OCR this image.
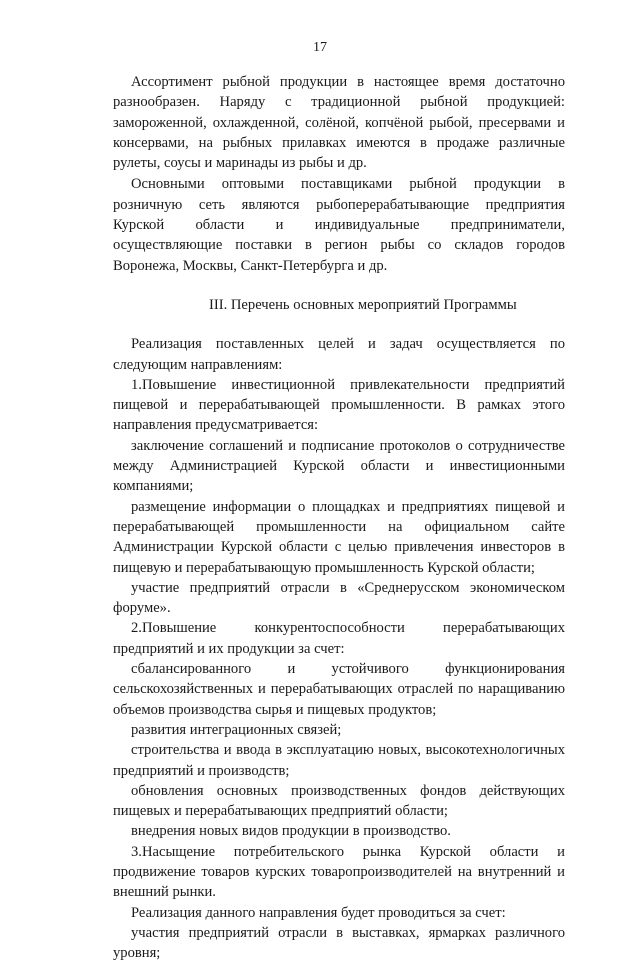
17

Ассортимент рыбной продукции в настоящее время достаточно разнообразен. Наряду с традиционной рыбной продукцией: замороженной, охлажденной, солёной, копчёной рыбой, пресервами и консервами, на рыбных прилавках имеются в продаже различные рулеты, соусы и маринады из рыбы и др.

Основными оптовыми поставщиками рыбной продукции в розничную сеть являются рыбоперерабатывающие предприятия Курской области и индивидуальные предприниматели, осуществляющие поставки в регион рыбы со складов городов Воронежа, Москвы, Санкт-Петербурга и др.

III. Перечень основных мероприятий Программы

Реализация поставленных целей и задач осуществляется по следующим направлениям:

1.Повышение инвестиционной привлекательности предприятий пищевой и перерабатывающей промышленности. В рамках этого направления предусматривается:

заключение соглашений и подписание протоколов о сотрудничестве между Администрацией Курской области и инвестиционными компаниями;

размещение информации о площадках и предприятиях пищевой и перерабатывающей промышленности на официальном сайте Администрации Курской области с целью привлечения инвесторов в пищевую и перерабатывающую промышленность Курской области;

участие предприятий отрасли в «Среднерусском экономическом форуме».

2.Повышение конкурентоспособности перерабатывающих предприятий и их продукции за счет:

сбалансированного и устойчивого функционирования сельскохозяйственных и перерабатывающих отраслей по наращиванию объемов производства сырья и пищевых продуктов;

развития интеграционных связей;

строительства и ввода в эксплуатацию новых, высокотехнологичных предприятий и производств;

обновления основных производственных фондов действующих пищевых и перерабатывающих предприятий области;

внедрения новых видов продукции в производство.

3.Насыщение потребительского рынка Курской области и продвижение товаров курских товаропроизводителей на внутренний и внешний рынки.

Реализация данного направления будет проводиться за счет:

участия предприятий отрасли в выставках, ярмарках различного уровня;
